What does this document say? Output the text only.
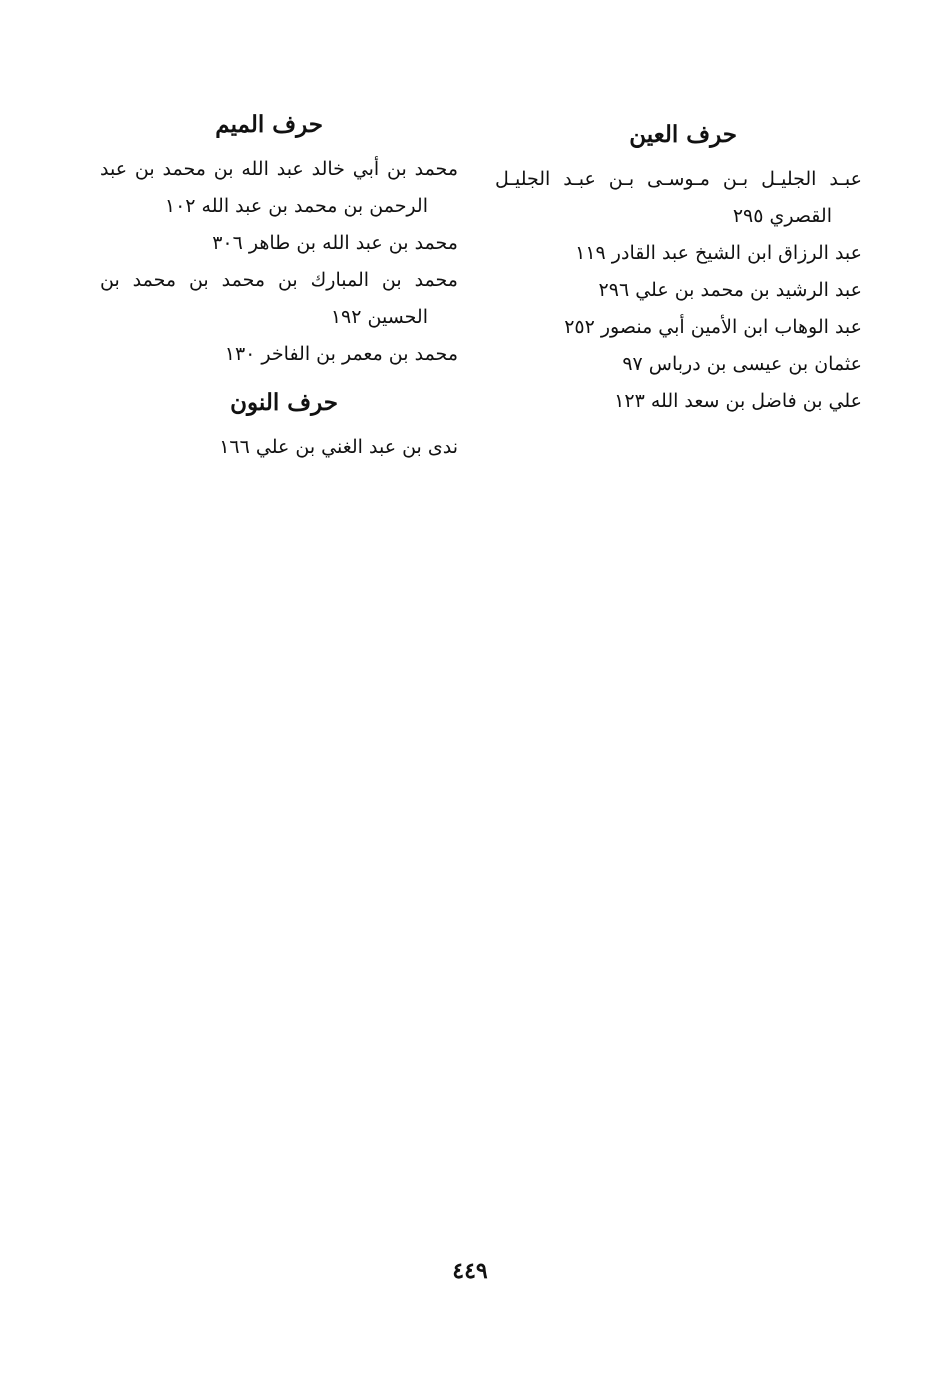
حرف العين
عبـد الجليـل بـن مـوسـى بـن عبـد الجليـل القصري ٢٩٥
عبد الرزاق ابن الشيخ عبد القادر ١١٩
عبد الرشيد بن محمد بن علي ٢٩٦
عبد الوهاب ابن الأمين أبي منصور ٢٥٢
عثمان بن عيسى بن درباس ٩٧
علي بن فاضل بن سعد الله ١٢٣
حرف الميم
محمد بن أبي خالد عبد الله بن محمد بن عبد الرحمن بن محمد بن عبد الله ١٠٢
محمد بن عبد الله بن طاهر ٣٠٦
محمد بن المبارك بن محمد بن محمد بن الحسين ١٩٢
محمد بن معمر بن الفاخر ١٣٠
حرف النون
ندى بن عبد الغني بن علي ١٦٦
٤٤٩
